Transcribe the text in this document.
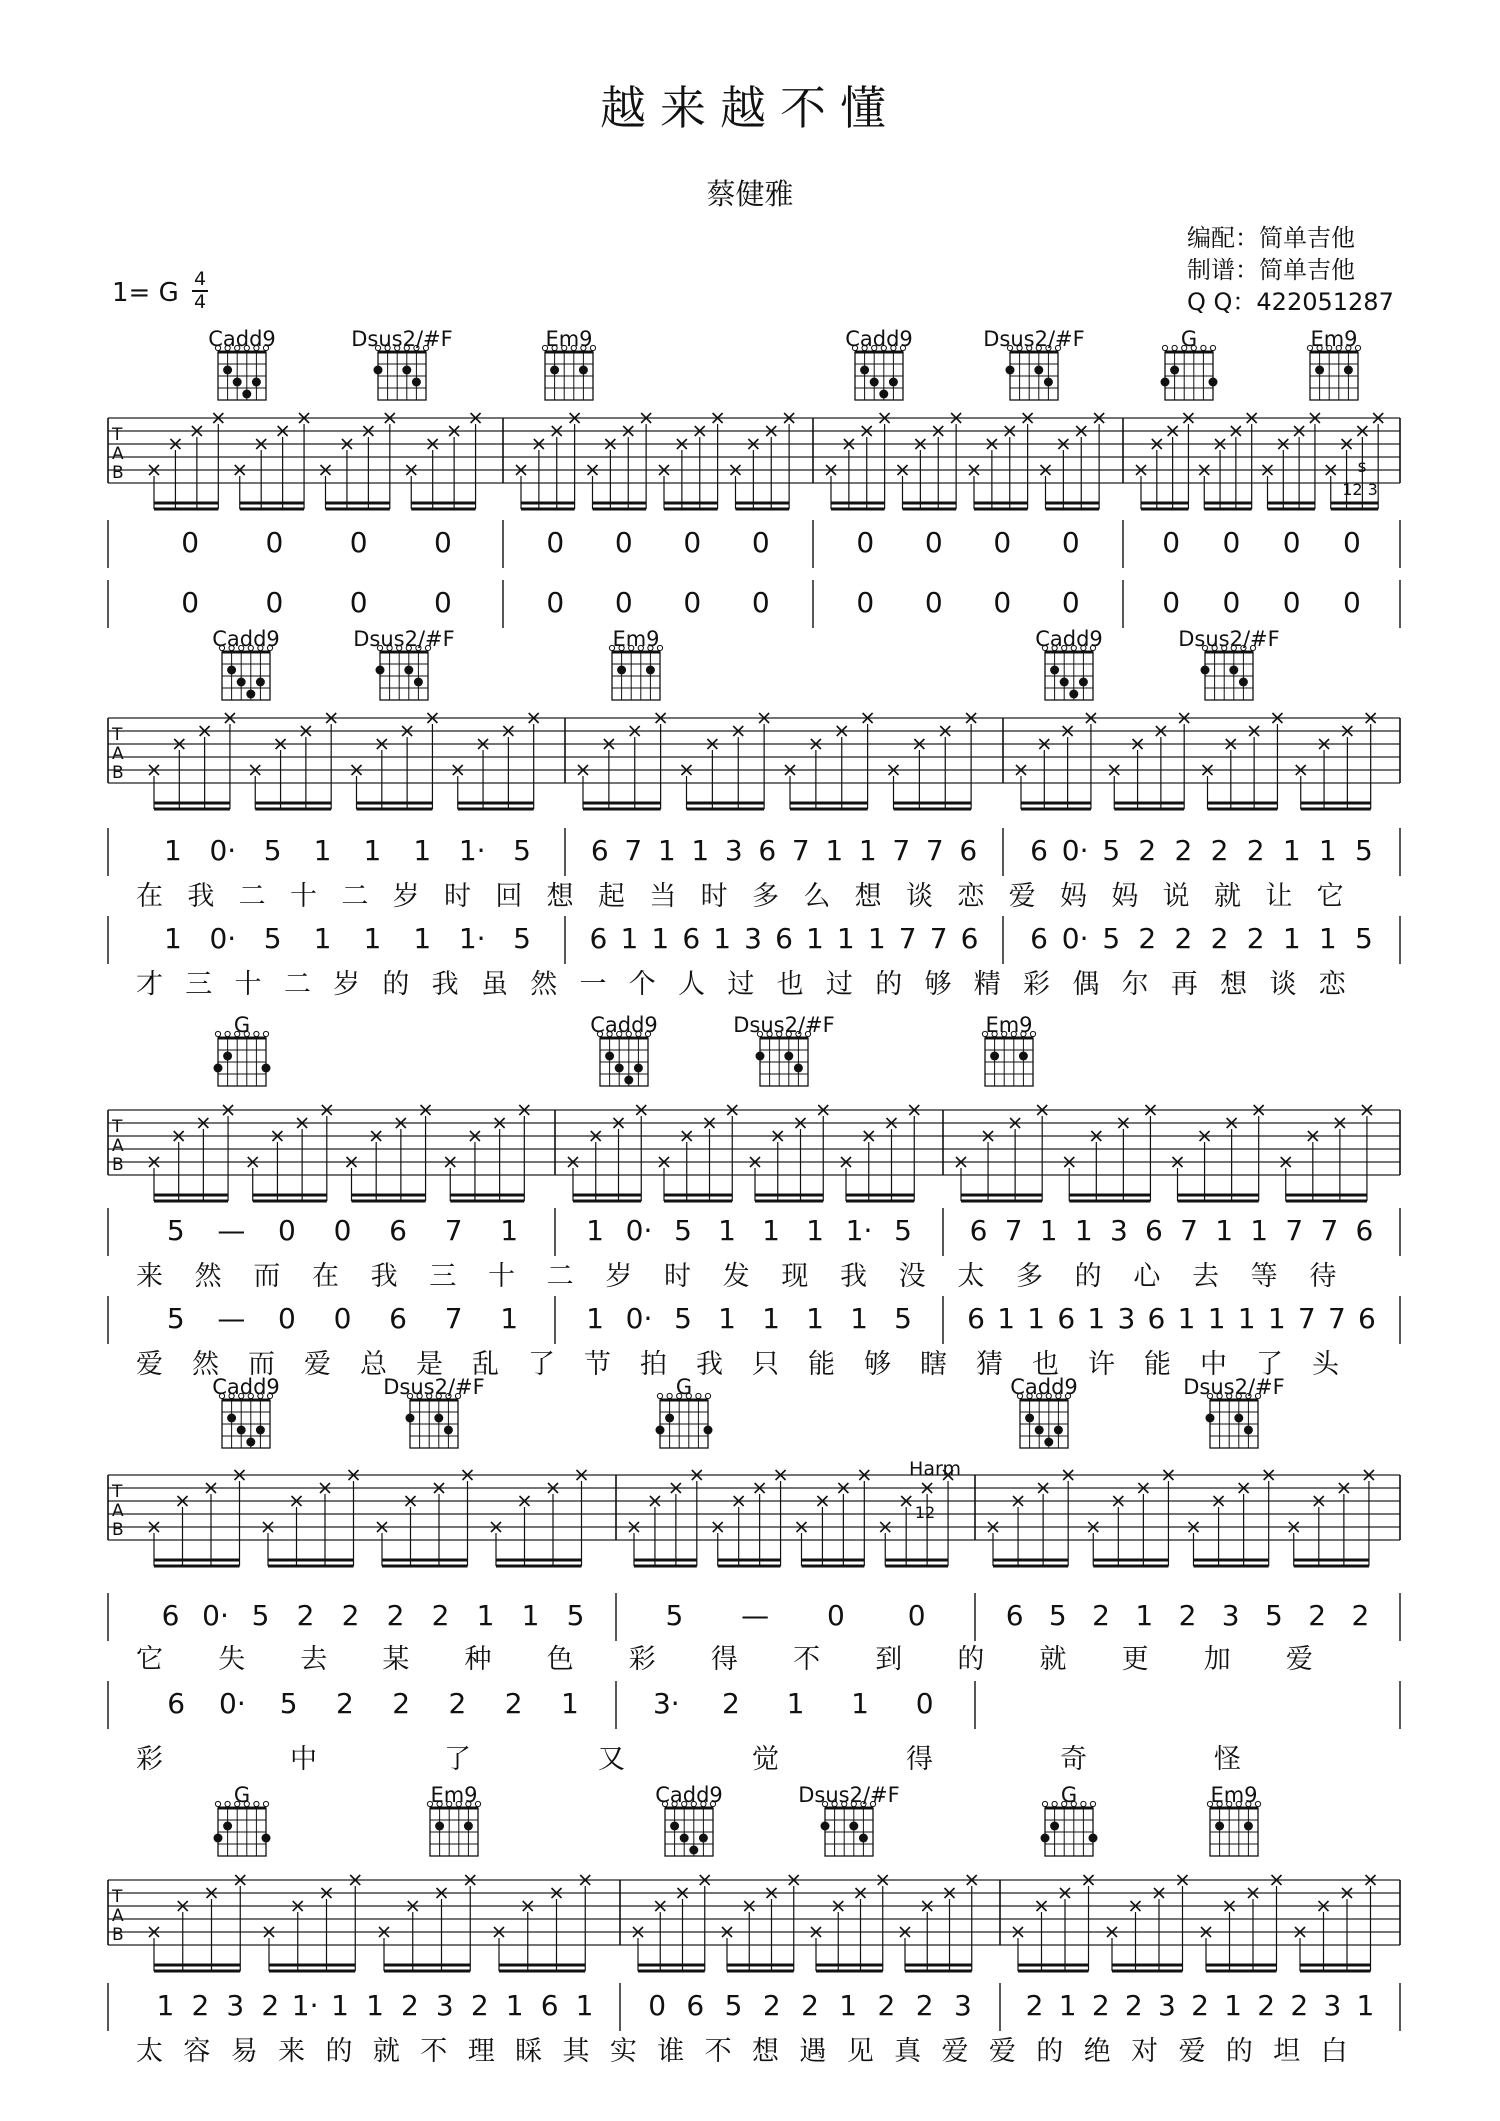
越来越不懂
蔡健雅
编配：简单吉他
制谱：简单吉他
Q Q：422051287
1= G 4
4
Cadd9	Dsus2/#F	Em9	Cadd9	Dsus2/#F	G	Em9
T
A
B
0 0 0 0	0 0 0 0	0 0 0 0	0 0 0 0
0 0 0 0	0 0 0 0	0 0 0 0	0 0 0 0
Cadd9	Dsus2/#F	Em9	Cadd9	Dsus2/#F
T
A
B
1 0· 5 1 1 1 1· 5 6 7 1 1 3 6 7 1 1 7 7 6 6 0· 5 2 2 2 2 1 1 5
在 我 二 十 二 岁 时 回 想 起 当 时 多 么 想 谈 恋 爱 妈 妈 说 就 让 它
1 0· 5 1 1 1 1· 5 6 1 1 6 1 3 6 1 1 1 7 7 6 6 0· 5 2 2 2 2 1 1 5
才 三 十 二 岁 的 我 虽 然 一 个 人 过 也 过 的 够 精 彩 偶 尔 再 想 谈 恋
G	Cadd9	Dsus2/#F	Em9
T
A
B
5 — 0 0 6 7 1 1 0· 5 1 1 1 1· 5 6 7 1 1 3 6 7 1 1 7 7 6
来 然 而 在 我 三 十 二 岁 时 发 现 我 没 太 多 的 心 去 等 待
5 — 0 0 6 7 1 1 0· 5 1 1 1 1 5 6 1 1 6 1 3 6 1 1 1 1 7 7 6
爱 然 而 爱 总 是 乱 了 节 拍 我 只 能 够 瞎 猜 也 许 能 中 了 头
Cadd9	Dsus2/#F	G	Cadd9	Dsus2/#F
T
A
B
6 0· 5 2 2 2 2 1 1 5	5 — 0 0	6 5 2 1 2 3 5 2 2
它 失 去 某 种 色 彩 得 不 到 的 就 更 加 爱
6 0· 5 2 2 2 2 1	3· 2 1 1 0
彩	中	了	又	觉	得	奇	怪
G	Em9	Cadd9	Dsus2/#F	G	Em9
T
A
B
1 2 3 2 1· 1 1 2 3 2 1 6 1 0 6 5 2 2 1 2 2 3 2 1 2 2 3 2 1 2 2 3 1
太 容 易 来 的 就 不 理 睬 其 实 谁 不 想 遇 见 真 爱 爱 的 绝 对 爱 的 坦 白
Harm
12
s
12 3
